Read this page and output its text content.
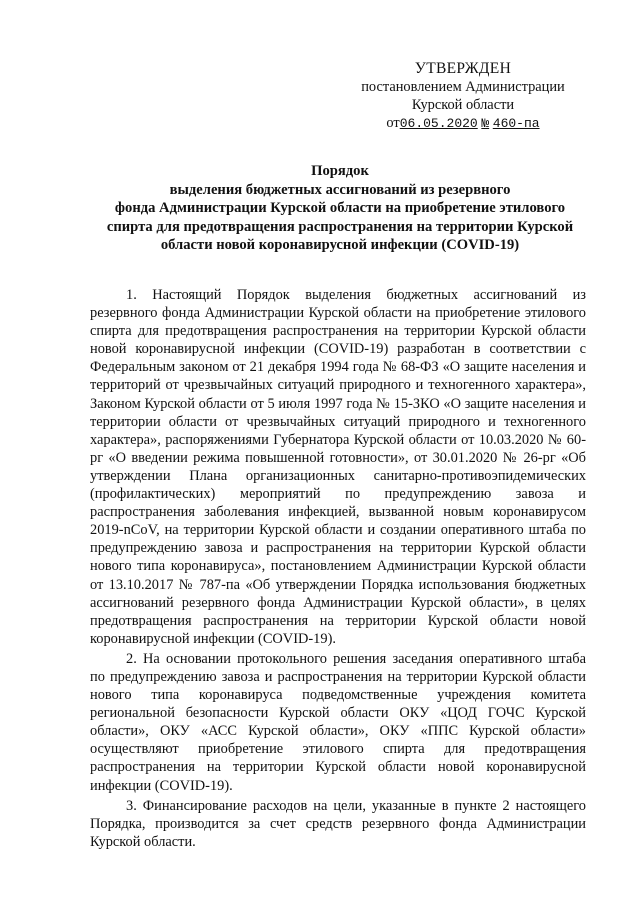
УТВЕРЖДЕН
постановлением Администрации
Курской области
от06.05.2020 № 460-па
Порядок
выделения бюджетных ассигнований из резервного
фонда Администрации Курской области на приобретение этилового
спирта для предотвращения распространения на территории Курской
области новой коронавирусной инфекции (COVID-19)

1. Настоящий Порядок выделения бюджетных ассигнований из резервного фонда Администрации Курской области на приобретение этилового спирта для предотвращения распространения на территории Курской области новой коронавирусной инфекции (COVID-19) разработан в соответствии с Федеральным законом от 21 декабря 1994 года № 68-ФЗ «О защите населения и территорий от чрезвычайных ситуаций природного и техногенного характера», Законом Курской области от 5 июля 1997 года № 15-ЗКО «О защите населения и территории области от чрезвычайных ситуаций природного и техногенного характера», распоряжениями Губернатора Курской области от 10.03.2020 № 60-рг «О введении режима повышенной готовности», от 30.01.2020 № 26-рг «Об утверждении Плана организационных санитарно-противоэпидемических (профилактических) мероприятий по предупреждению завоза и распространения заболевания инфекцией, вызванной новым коронавирусом 2019-nCoV, на территории Курской области и создании оперативного штаба по предупреждению завоза и распространения на территории Курской области нового типа коронавируса», постановлением Администрации Курской области от 13.10.2017 № 787-па «Об утверждении Порядка использования бюджетных ассигнований резервного фонда Администрации Курской области», в целях предотвращения распространения на территории Курской области новой коронавирусной инфекции (COVID-19).

2. На основании протокольного решения заседания оперативного штаба по предупреждению завоза и распространения на территории Курской области нового типа коронавируса подведомственные учреждения комитета региональной безопасности Курской области ОКУ «ЦОД ГОЧС Курской области», ОКУ «АСС Курской области», ОКУ «ППС Курской области» осуществляют приобретение этилового спирта для предотвращения распространения на территории Курской области новой коронавирусной инфекции (COVID-19).

3. Финансирование расходов на цели, указанные в пункте 2 настоящего Порядка, производится за счет средств резервного фонда Администрации Курской области.
